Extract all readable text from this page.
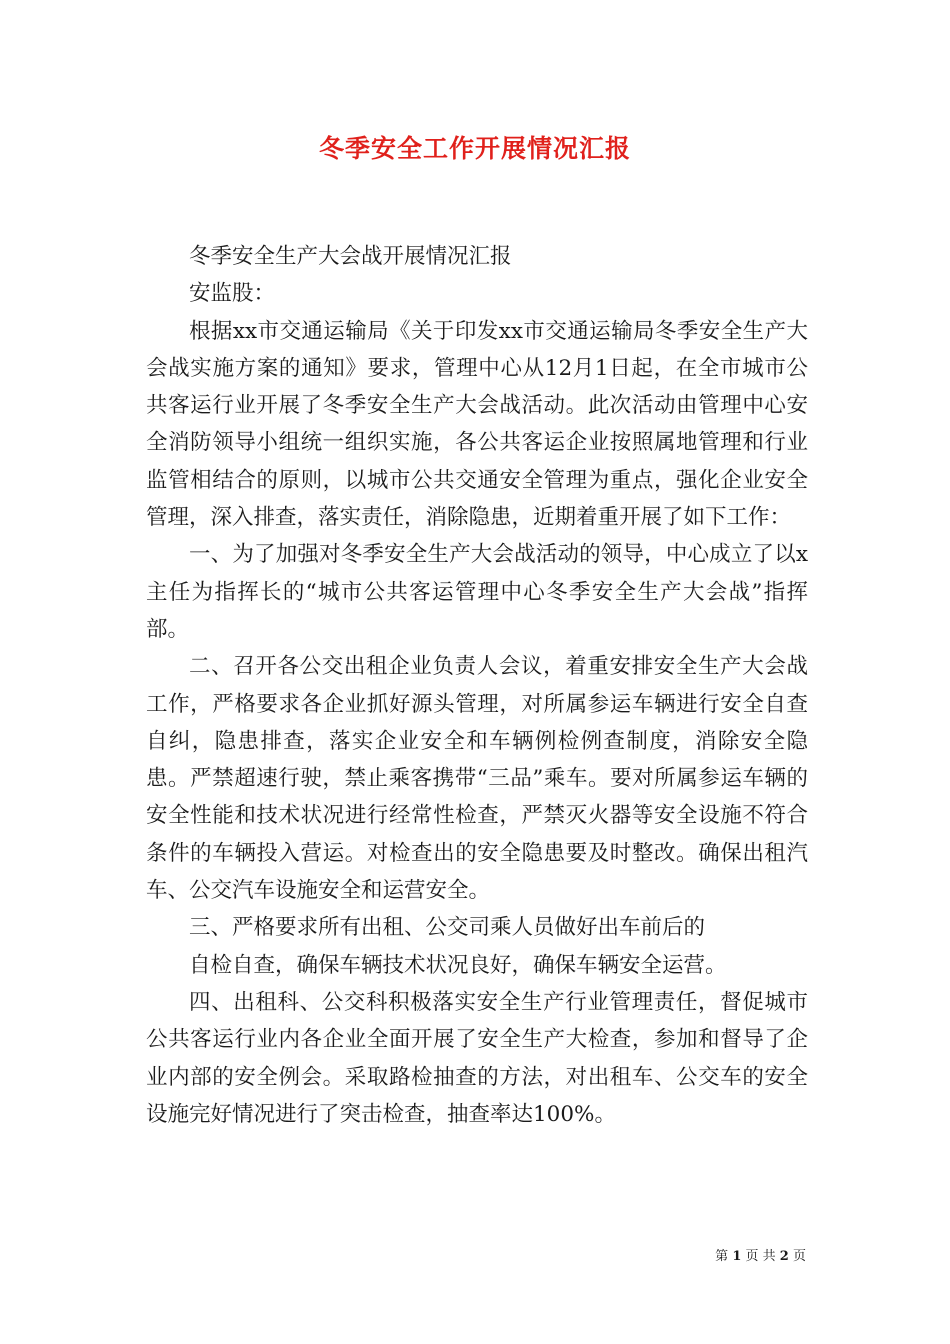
冬季安全工作开展情况汇报

冬季安全生产大会战开展情况汇报

安监股：

根据xx市交通运输局《关于印发xx市交通运输局冬季安全生产大会战实施方案的通知》要求，管理中心从12月1日起，在全市城市公共客运行业开展了冬季安全生产大会战活动。此次活动由管理中心安全消防领导小组统一组织实施，各公共客运企业按照属地管理和行业监管相结合的原则，以城市公共交通安全管理为重点，强化企业安全管理，深入排查，落实责任，消除隐患，近期着重开展了如下工作：

一、为了加强对冬季安全生产大会战活动的领导，中心成立了以x主任为指挥长的“城市公共客运管理中心冬季安全生产大会战”指挥部。

二、召开各公交出租企业负责人会议，着重安排安全生产大会战工作，严格要求各企业抓好源头管理，对所属参运车辆进行安全自查自纠，隐患排查，落实企业安全和车辆例检例查制度，消除安全隐患。严禁超速行驶，禁止乘客携带“三品”乘车。要对所属参运车辆的安全性能和技术状况进行经常性检查，严禁灭火器等安全设施不符合条件的车辆投入营运。对检查出的安全隐患要及时整改。确保出租汽车、公交汽车设施安全和运营安全。

三、严格要求所有出租、公交司乘人员做好出车前后的

自检自查，确保车辆技术状况良好，确保车辆安全运营。

四、出租科、公交科积极落实安全生产行业管理责任，督促城市公共客运行业内各企业全面开展了安全生产大检查，参加和督导了企业内部的安全例会。采取路检抽查的方法，对出租车、公交车的安全设施完好情况进行了突击检查，抽查率达100%。

第 1 页 共 2 页
